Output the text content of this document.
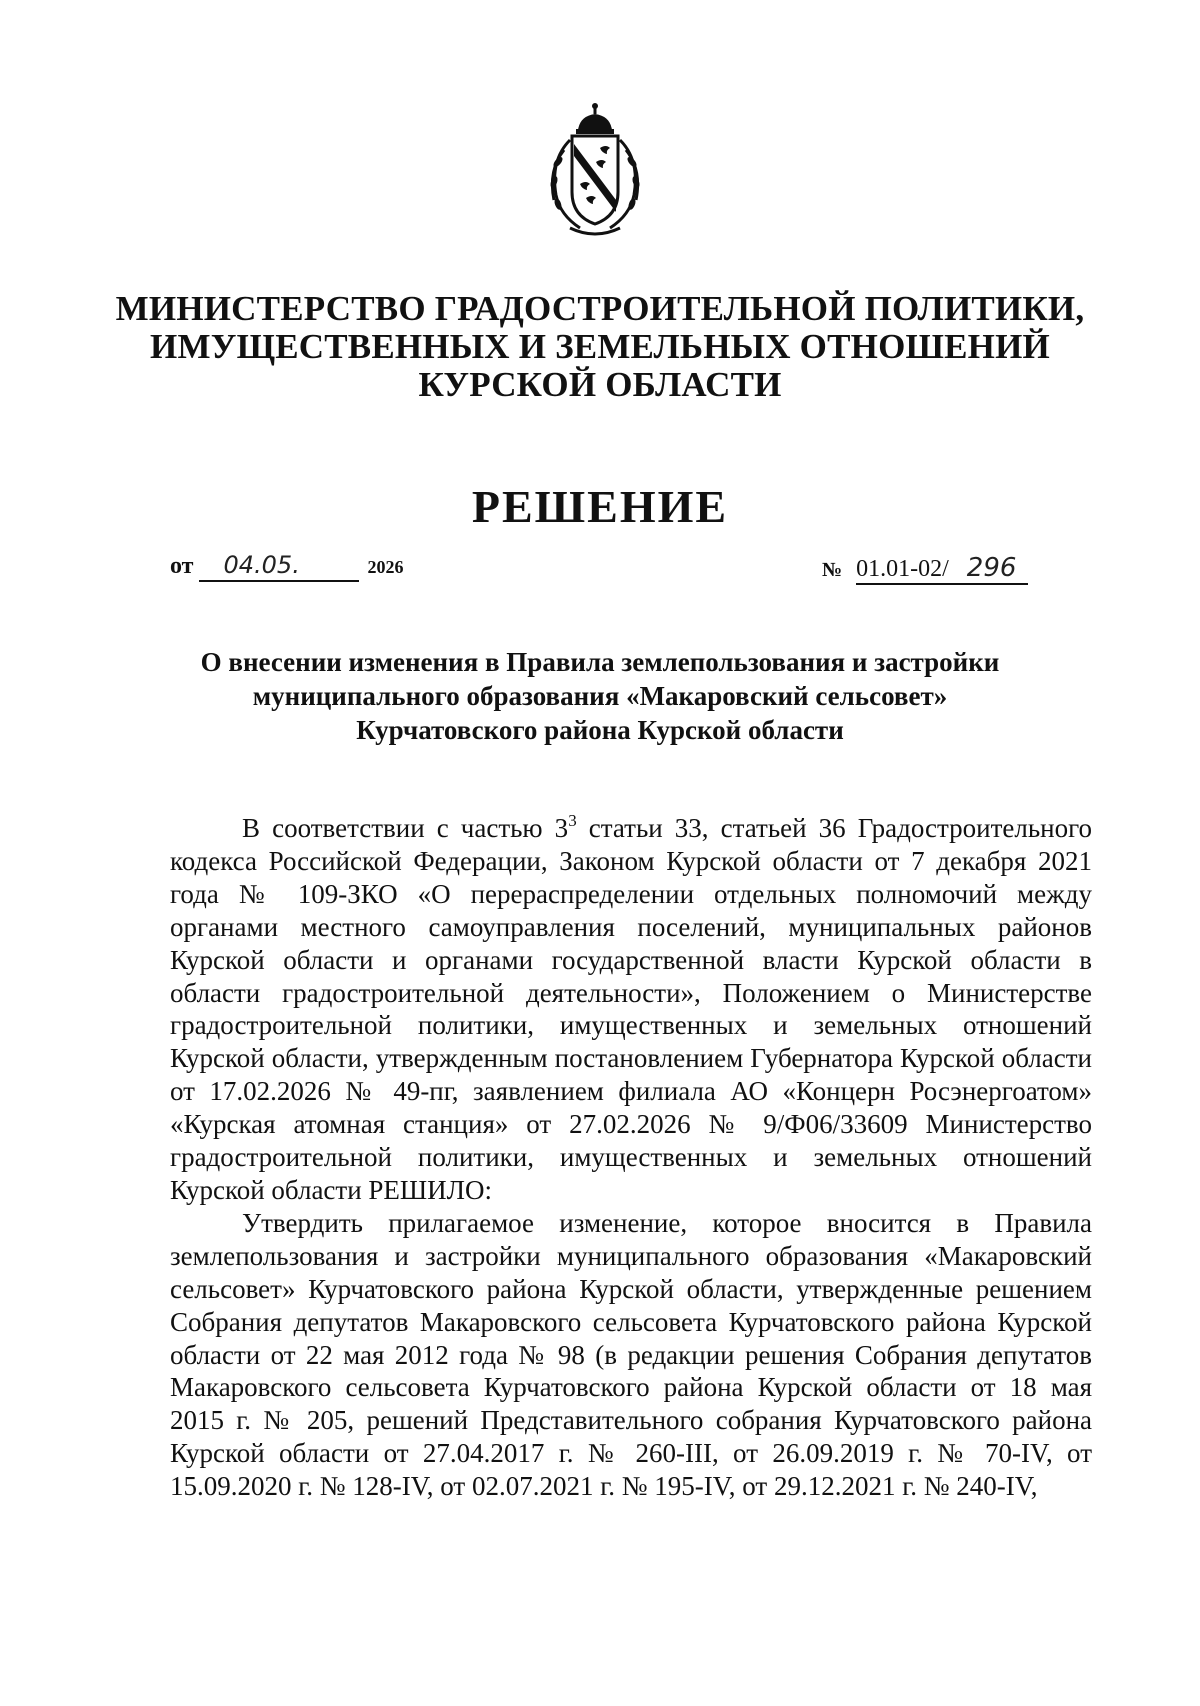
МИНИСТЕРСТВО ГРАДОСТРОИТЕЛЬНОЙ ПОЛИТИКИ,
ИМУЩЕСТВЕННЫХ И ЗЕМЕЛЬНЫХ ОТНОШЕНИЙ
КУРСКОЙ ОБЛАСТИ
РЕШЕНИЕ
от	04.05.	2026	№ 01.01-02/ 296
О внесении изменения в Правила землепользования и застройки
муниципального образования «Макаровский сельсовет»
Курчатовского района Курской области

В соответствии с частью $3^3$ статьи 33, статьей 36 Градостроительного кодекса Российской Федерации, Законом Курской области от 7 декабря 2021 года № 109-ЗКО «О перераспределении отдельных полномочий между органами местного самоуправления поселений, муниципальных районов Курской области и органами государственной власти Курской области в области градостроительной деятельности», Положением о Министерстве градостроительной политики, имущественных и земельных отношений Курской области, утвержденным постановлением Губернатора Курской области от 17.02.2026 № 49-пг, заявлением филиала АО «Концерн Росэнергоатом» «Курская атомная станция» от 27.02.2026 № 9/Ф06/33609 Министерство градостроительной политики, имущественных и земельных отношений Курской области РЕШИЛО:

Утвердить прилагаемое изменение, которое вносится в Правила землепользования и застройки муниципального образования «Макаровский сельсовет» Курчатовского района Курской области, утвержденные решением Собрания депутатов Макаровского сельсовета Курчатовского района Курской области от 22 мая 2012 года № 98 (в редакции решения Собрания депутатов Макаровского сельсовета Курчатовского района Курской области от 18 мая 2015 г. № 205, решений Представительного собрания Курчатовского района Курской области от 27.04.2017 г. № 260-III, от 26.09.2019 г. № 70-IV, от 15.09.2020 г. № 128-IV, от 02.07.2021 г. № 195-IV, от 29.12.2021 г. № 240-IV,
